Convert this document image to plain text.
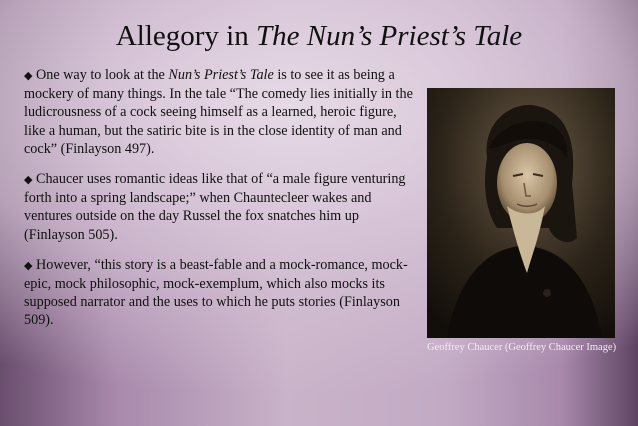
Allegory in The Nun’s Priest’s Tale

◆ One way to look at the Nun’s Priest’s Tale is to see it as being a mockery of many things. In the tale “The comedy lies initially in the ludicrousness of a cock seeing himself as a learned, heroic figure, like a human, but the satiric bite is in the close identity of man and cock” (Finlayson 497).

◆ Chaucer uses romantic ideas like that of “a male figure venturing forth into a spring landscape;” when Chauntecleer wakes and ventures outside on the day Russel the fox snatches him up (Finlayson 505).

◆ However, “this story is a beast-fable and a mock-romance, mock-epic, mock philosophic, mock-exemplum, which also mocks its supposed narrator and the uses to which he puts stories (Finlayson 509).

Geoffrey Chaucer (Geoffrey Chaucer Image)
